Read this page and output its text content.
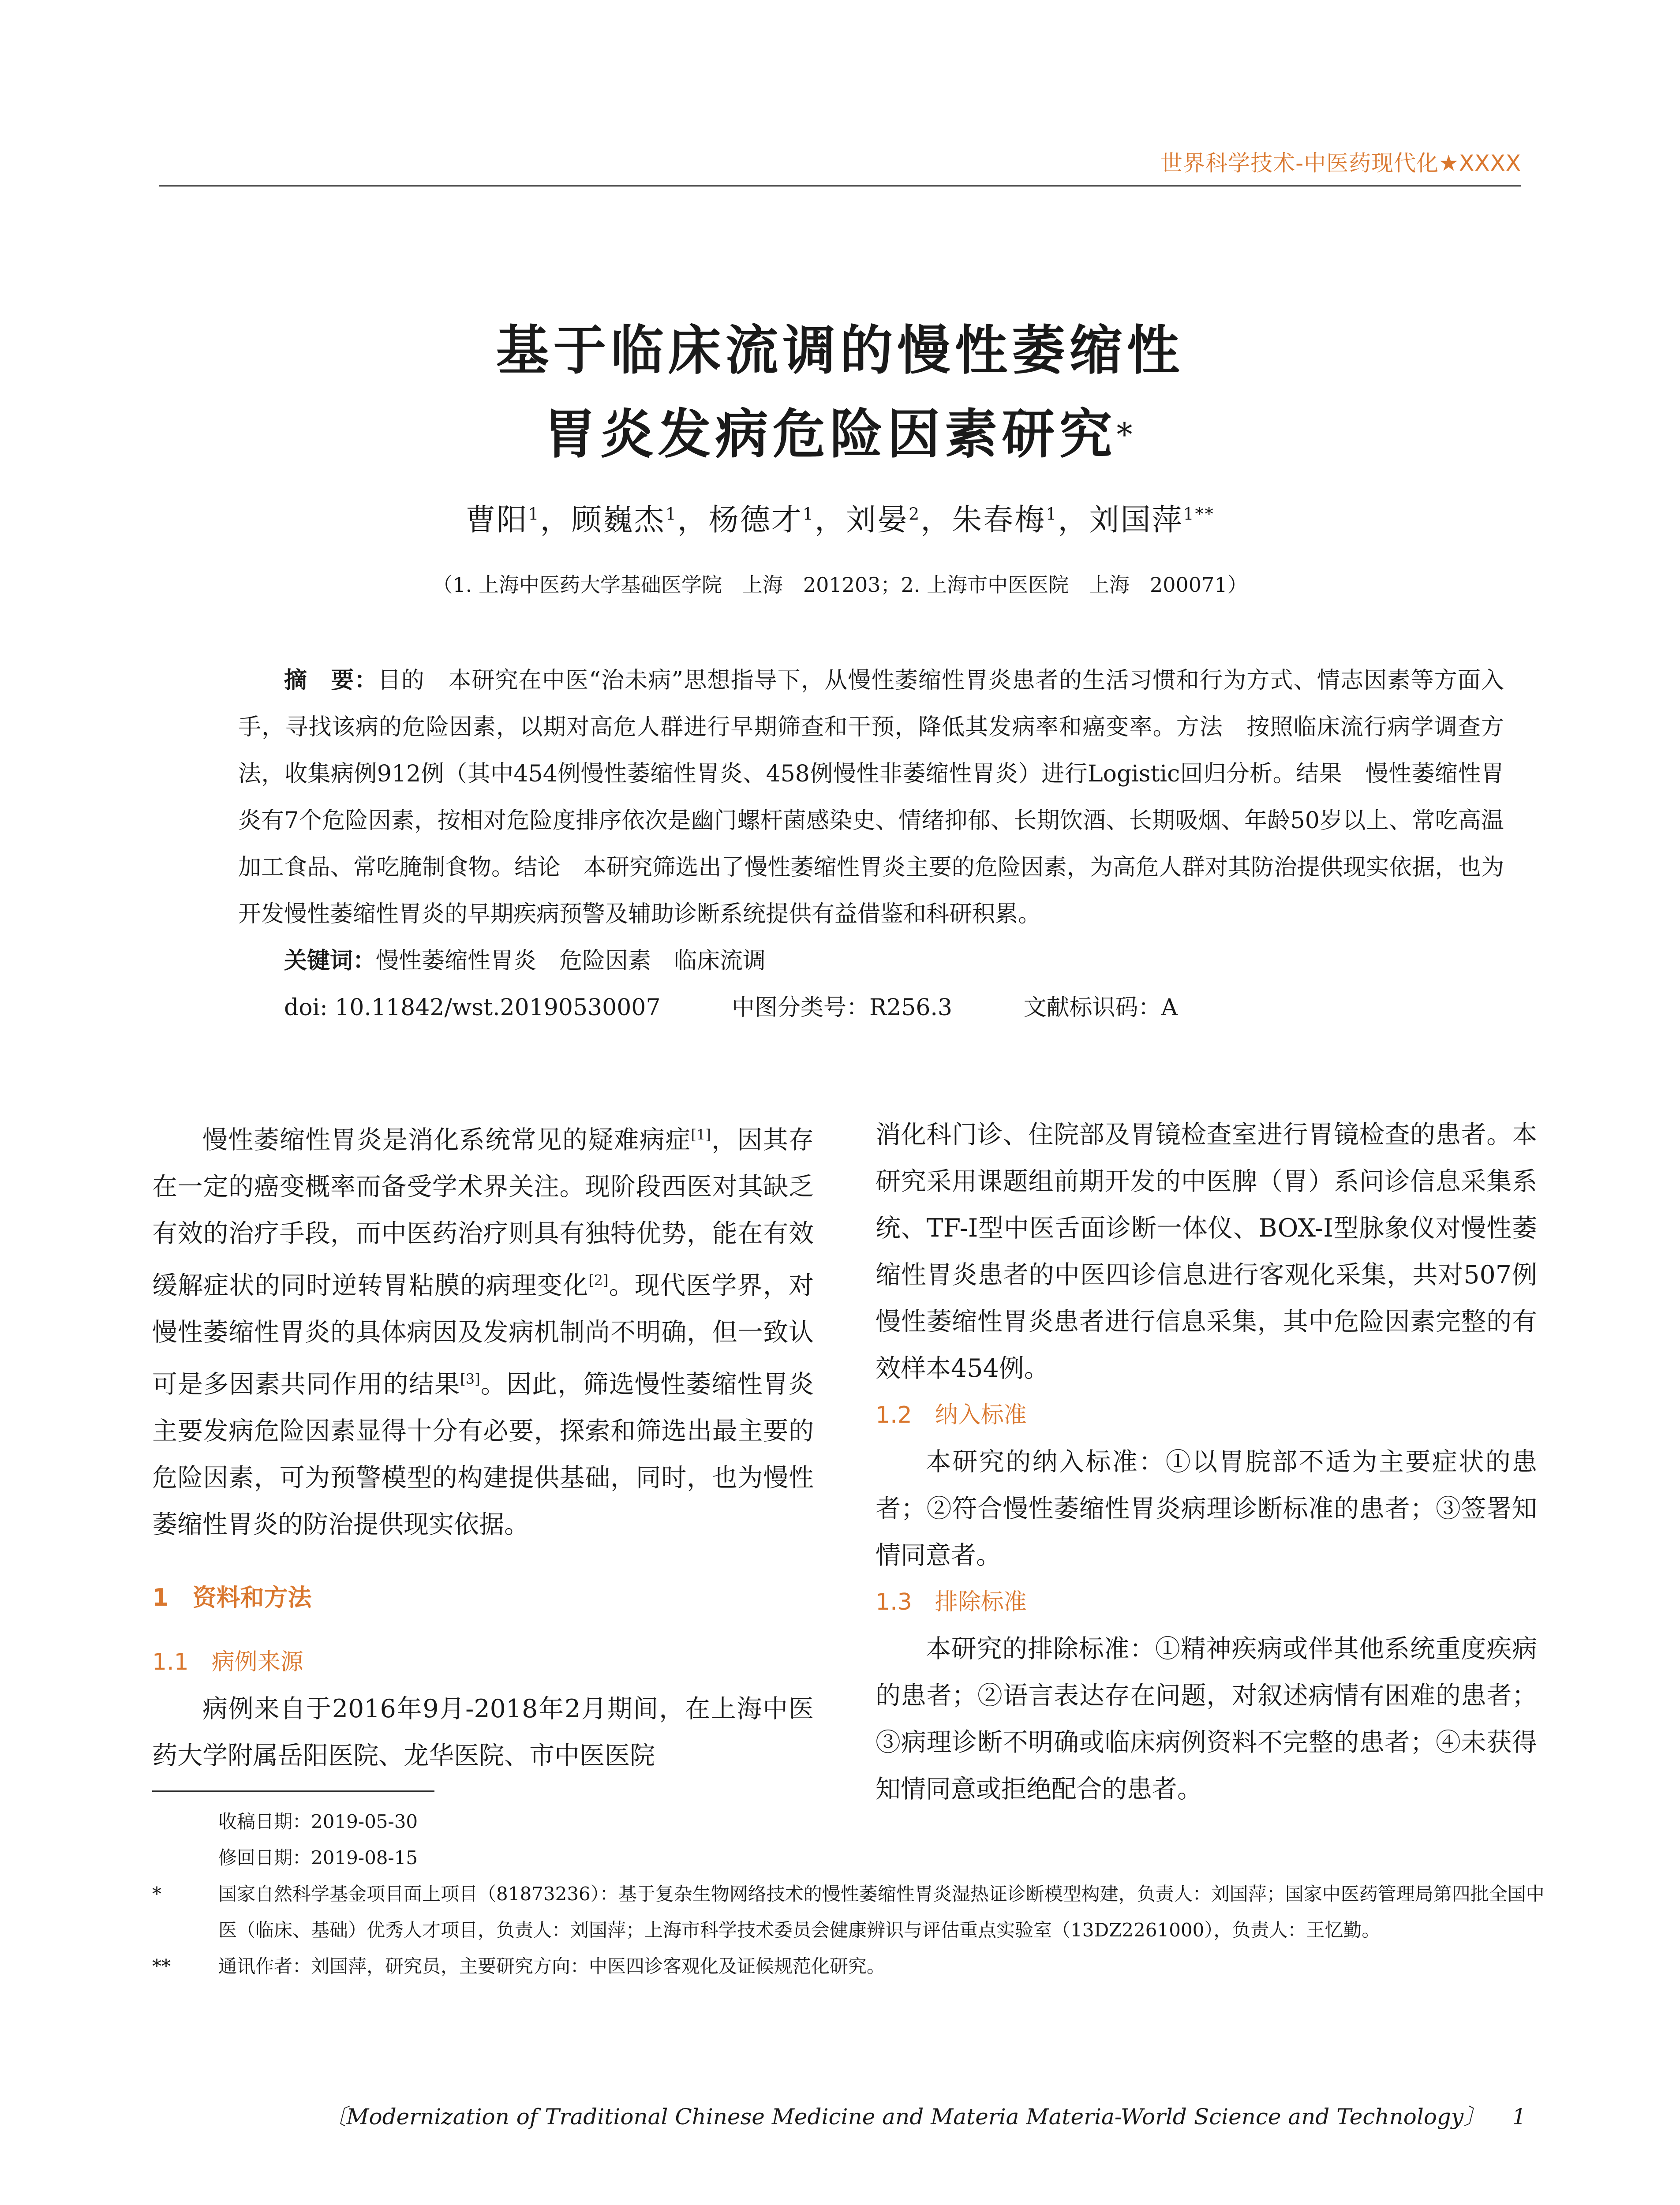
世界科学技术-中医药现代化★XXXX
基于临床流调的慢性萎缩性
胃炎发病危险因素研究*
曹阳$^1$，顾巍杰$^1$，杨德才$^1$，刘晏$^2$，朱春梅$^1$，刘国萍$^{1**}$
（1. 上海中医药大学基础医学院　上海　201203；2. 上海市中医医院　上海　200071）

摘　要：目的　本研究在中医“治未病”思想指导下，从慢性萎缩性胃炎患者的生活习惯和行为方式、情志因素等方面入手，寻找该病的危险因素，以期对高危人群进行早期筛查和干预，降低其发病率和癌变率。方法　按照临床流行病学调查方法，收集病例912例（其中454例慢性萎缩性胃炎、458例慢性非萎缩性胃炎）进行Logistic回归分析。结果　慢性萎缩性胃炎有7个危险因素，按相对危险度排序依次是幽门螺杆菌感染史、情绪抑郁、长期饮酒、长期吸烟、年龄50岁以上、常吃高温加工食品、常吃腌制食物。结论　本研究筛选出了慢性萎缩性胃炎主要的危险因素，为高危人群对其防治提供现实依据，也为开发慢性萎缩性胃炎的早期疾病预警及辅助诊断系统提供有益借鉴和科研积累。

关键词：慢性萎缩性胃炎　危险因素　临床流调

doi: 10.11842/wst.20190530007	中图分类号：R256.3	文献标识码：A

慢性萎缩性胃炎是消化系统常见的疑难病症[1]，因其存在一定的癌变概率而备受学术界关注。现阶段西医对其缺乏有效的治疗手段，而中医药治疗则具有独特优势，能在有效缓解症状的同时逆转胃粘膜的病理变化[2]。现代医学界，对慢性萎缩性胃炎的具体病因及发病机制尚不明确，但一致认可是多因素共同作用的结果[3]。因此，筛选慢性萎缩性胃炎主要发病危险因素显得十分有必要，探索和筛选出最主要的危险因素，可为预警模型的构建提供基础，同时，也为慢性萎缩性胃炎的防治提供现实依据。

1　资料和方法
1.1　病例来源

病例来自于2016年9月-2018年2月期间，在上海中医药大学附属岳阳医院、龙华医院、市中医医院

消化科门诊、住院部及胃镜检查室进行胃镜检查的患者。本研究采用课题组前期开发的中医脾（胃）系问诊信息采集系统、TF-I型中医舌面诊断一体仪、BOX-I型脉象仪对慢性萎缩性胃炎患者的中医四诊信息进行客观化采集，共对507例慢性萎缩性胃炎患者进行信息采集，其中危险因素完整的有效样本454例。

1.2　纳入标准

本研究的纳入标准：①以胃脘部不适为主要症状的患者；②符合慢性萎缩性胃炎病理诊断标准的患者；③签署知情同意者。

1.3　排除标准

本研究的排除标准：①精神疾病或伴其他系统重度疾病的患者；②语言表达存在问题，对叙述病情有困难的患者；③病理诊断不明确或临床病例资料不完整的患者；④未获得知情同意或拒绝配合的患者。

收稿日期：2019-05-30
修回日期：2019-08-15
*	国家自然科学基金项目面上项目（81873236）：基于复杂生物网络技术的慢性萎缩性胃炎湿热证诊断模型构建，负责人：刘国萍；国家中医药管理局第四批全国中医（临床、基础）优秀人才项目，负责人：刘国萍；上海市科学技术委员会健康辨识与评估重点实验室（13DZ2261000），负责人：王忆勤。
**	通讯作者：刘国萍，研究员，主要研究方向：中医四诊客观化及证候规范化研究。
〔Modernization of Traditional Chinese Medicine and Materia Materia-World Science and Technology〕 1
